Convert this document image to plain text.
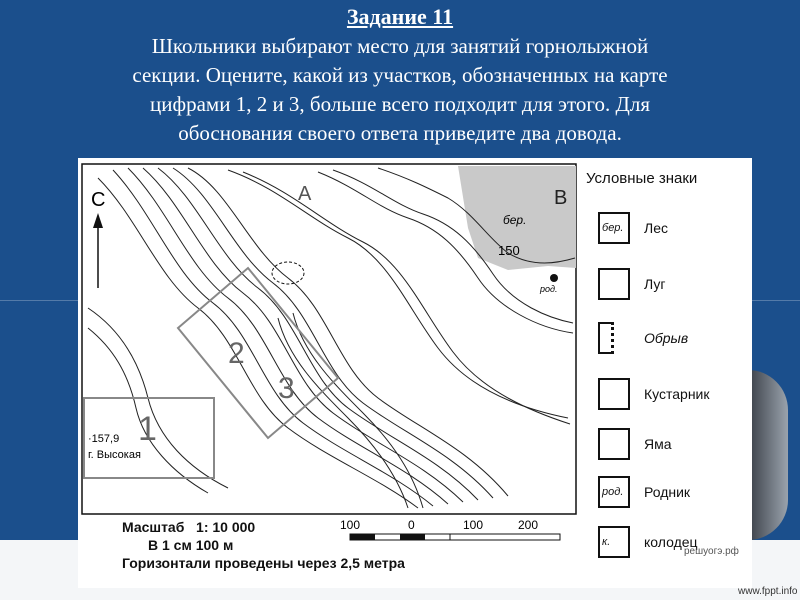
Задание 11
Школьники выбирают место для занятий горнолыжной
секции. Оцените, какой из участков, обозначенных на карте
цифрами 1, 2 и 3, больше всего подходит для этого. Для
обоснования своего ответа приведите два довода.
С	А	В
1
2
3
·157,9
г. Высокая
150
бер.
род.
100	0	100	200
Масштаб 1: 10 000
В 1 см 100 м
Горизонтали проведены через 2,5 метра
Условные знаки
бер. Лес
Луг
Обрыв
Кустарник
Яма
род. Родник
к. колодец
решуогэ.рф
www.fppt.info
